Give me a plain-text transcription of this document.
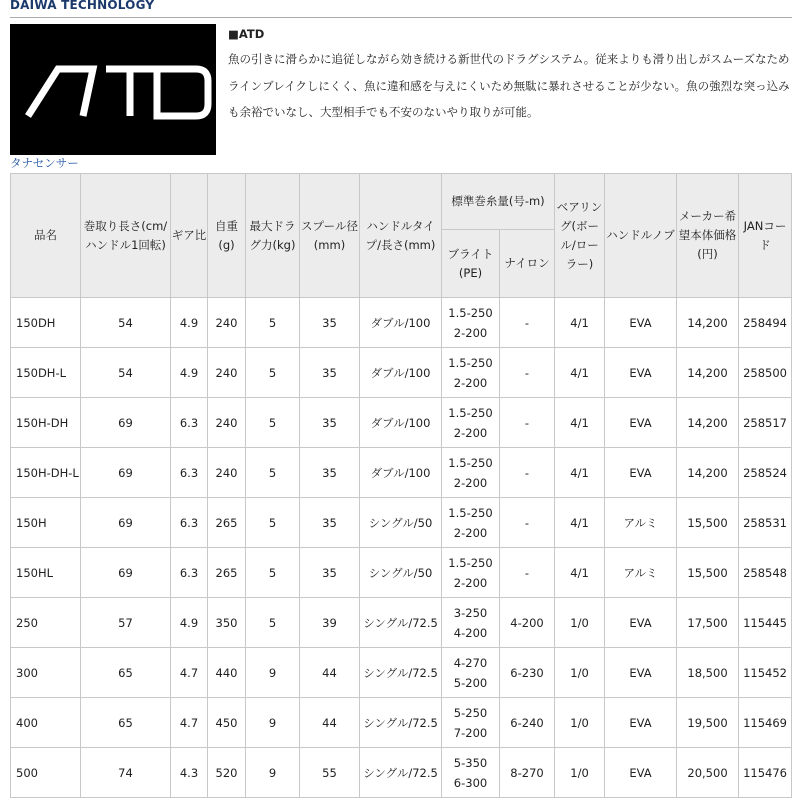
DAIWA TECHNOLOGY
■ATD
魚の引きに滑らかに追従しながら効き続ける新世代のドラグシステム。従来よりも滑り出しがスムーズなためラインブレイクしにくく、魚に違和感を与えにくいため無駄に暴れさせることが少ない。魚の強烈な突っ込みも余裕でいなし、大型相手でも不安のないやり取りが可能。
タナセンサー
品名	巻取り長さ(cm/ハンドル1回転)	ギア比	自重(g)	最大ドラグ力(kg)	スプール径(mm)	ハンドルタイプ/長さ(mm)	標準巻糸量(号-m)		ベアリング(ボール/ローラー)	ハンドルノブ	メーカー希望本体価格(円)	JANコード
							ブライト(PE)	ナイロン				
150DH	54	4.9	240	5	35	ダブル/100	1.5-250
2-200	-	4/1	EVA	14,200	258494
150DH-L	54	4.9	240	5	35	ダブル/100	1.5-250
2-200	-	4/1	EVA	14,200	258500
150H-DH	69	6.3	240	5	35	ダブル/100	1.5-250
2-200	-	4/1	EVA	14,200	258517
150H-DH-L	69	6.3	240	5	35	ダブル/100	1.5-250
2-200	-	4/1	EVA	14,200	258524
150H	69	6.3	265	5	35	シングル/50	1.5-250
2-200	-	4/1	アルミ	15,500	258531
150HL	69	6.3	265	5	35	シングル/50	1.5-250
2-200	-	4/1	アルミ	15,500	258548
250	57	4.9	350	5	39	シングル/72.5	3-250
4-200	4-200	1/0	EVA	17,500	115445
300	65	4.7	440	9	44	シングル/72.5	4-270
5-200	6-230	1/0	EVA	18,500	115452
400	65	4.7	450	9	44	シングル/72.5	5-250
7-200	6-240	1/0	EVA	19,500	115469
500	74	4.3	520	9	55	シングル/72.5	5-350
6-300	8-270	1/0	EVA	20,500	115476
